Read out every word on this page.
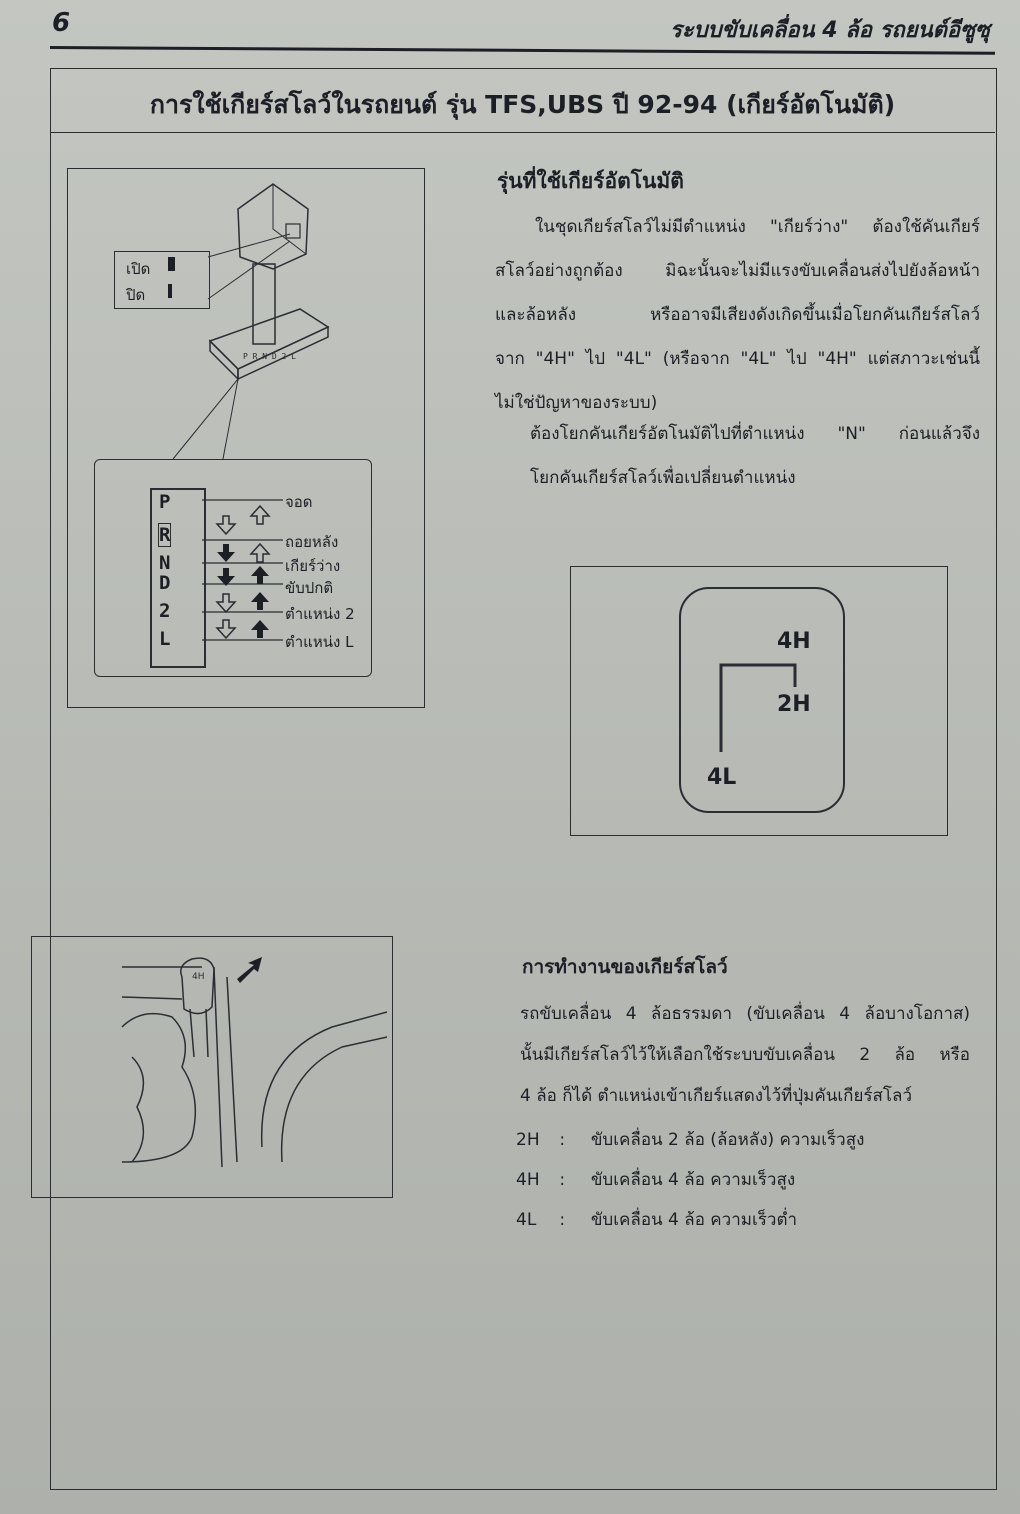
6	ระบบขับเคลื่อน 4 ล้อ รถยนต์อีซูซุ
การใช้เกียร์สโลว์ในรถยนต์ รุ่น TFS,UBS ปี 92-94 (เกียร์อัตโนมัติ)
P R N D 2 L
เปิด
ปิด
P
R
N
D
2
L
จอด
ถอยหลัง
เกียร์ว่าง
ขับปกติ
ตำแหน่ง 2
ตำแหน่ง L
รุ่นที่ใช้เกียร์อัตโนมัติ

ในชุดเกียร์สโลว์ไม่มีตำแหน่ง "เกียร์ว่าง" ต้องใช้คันเกียร์

สโลว์อย่างถูกต้อง มิฉะนั้นจะไม่มีแรงขับเคลื่อนส่งไปยังล้อหน้า

และล้อหลัง หรืออาจมีเสียงดังเกิดขึ้นเมื่อโยกคันเกียร์สโลว์

จาก "4H" ไป "4L" (หรือจาก "4L" ไป "4H" แต่สภาวะเช่นนี้

ไม่ใช่ปัญหาของระบบ)

ต้องโยกคันเกียร์อัตโนมัติไปที่ตำแหน่ง "N" ก่อนแล้วจึง

โยกคันเกียร์สโลว์เพื่อเปลี่ยนตำแหน่ง

4H
2H
4L
4H	การทำงานของเกียร์สโลว์

รถขับเคลื่อน 4 ล้อธรรมดา (ขับเคลื่อน 4 ล้อบางโอกาส)

นั้นมีเกียร์สโลว์ไว้ให้เลือกใช้ระบบขับเคลื่อน 2 ล้อ หรือ

4 ล้อ ก็ได้ ตำแหน่งเข้าเกียร์แสดงไว้ที่ปุ่มคันเกียร์สโลว์

2H : ขับเคลื่อน 2 ล้อ (ล้อหลัง) ความเร็วสูง
4H : ขับเคลื่อน 4 ล้อ ความเร็วสูง
4L : ขับเคลื่อน 4 ล้อ ความเร็วต่ำ
